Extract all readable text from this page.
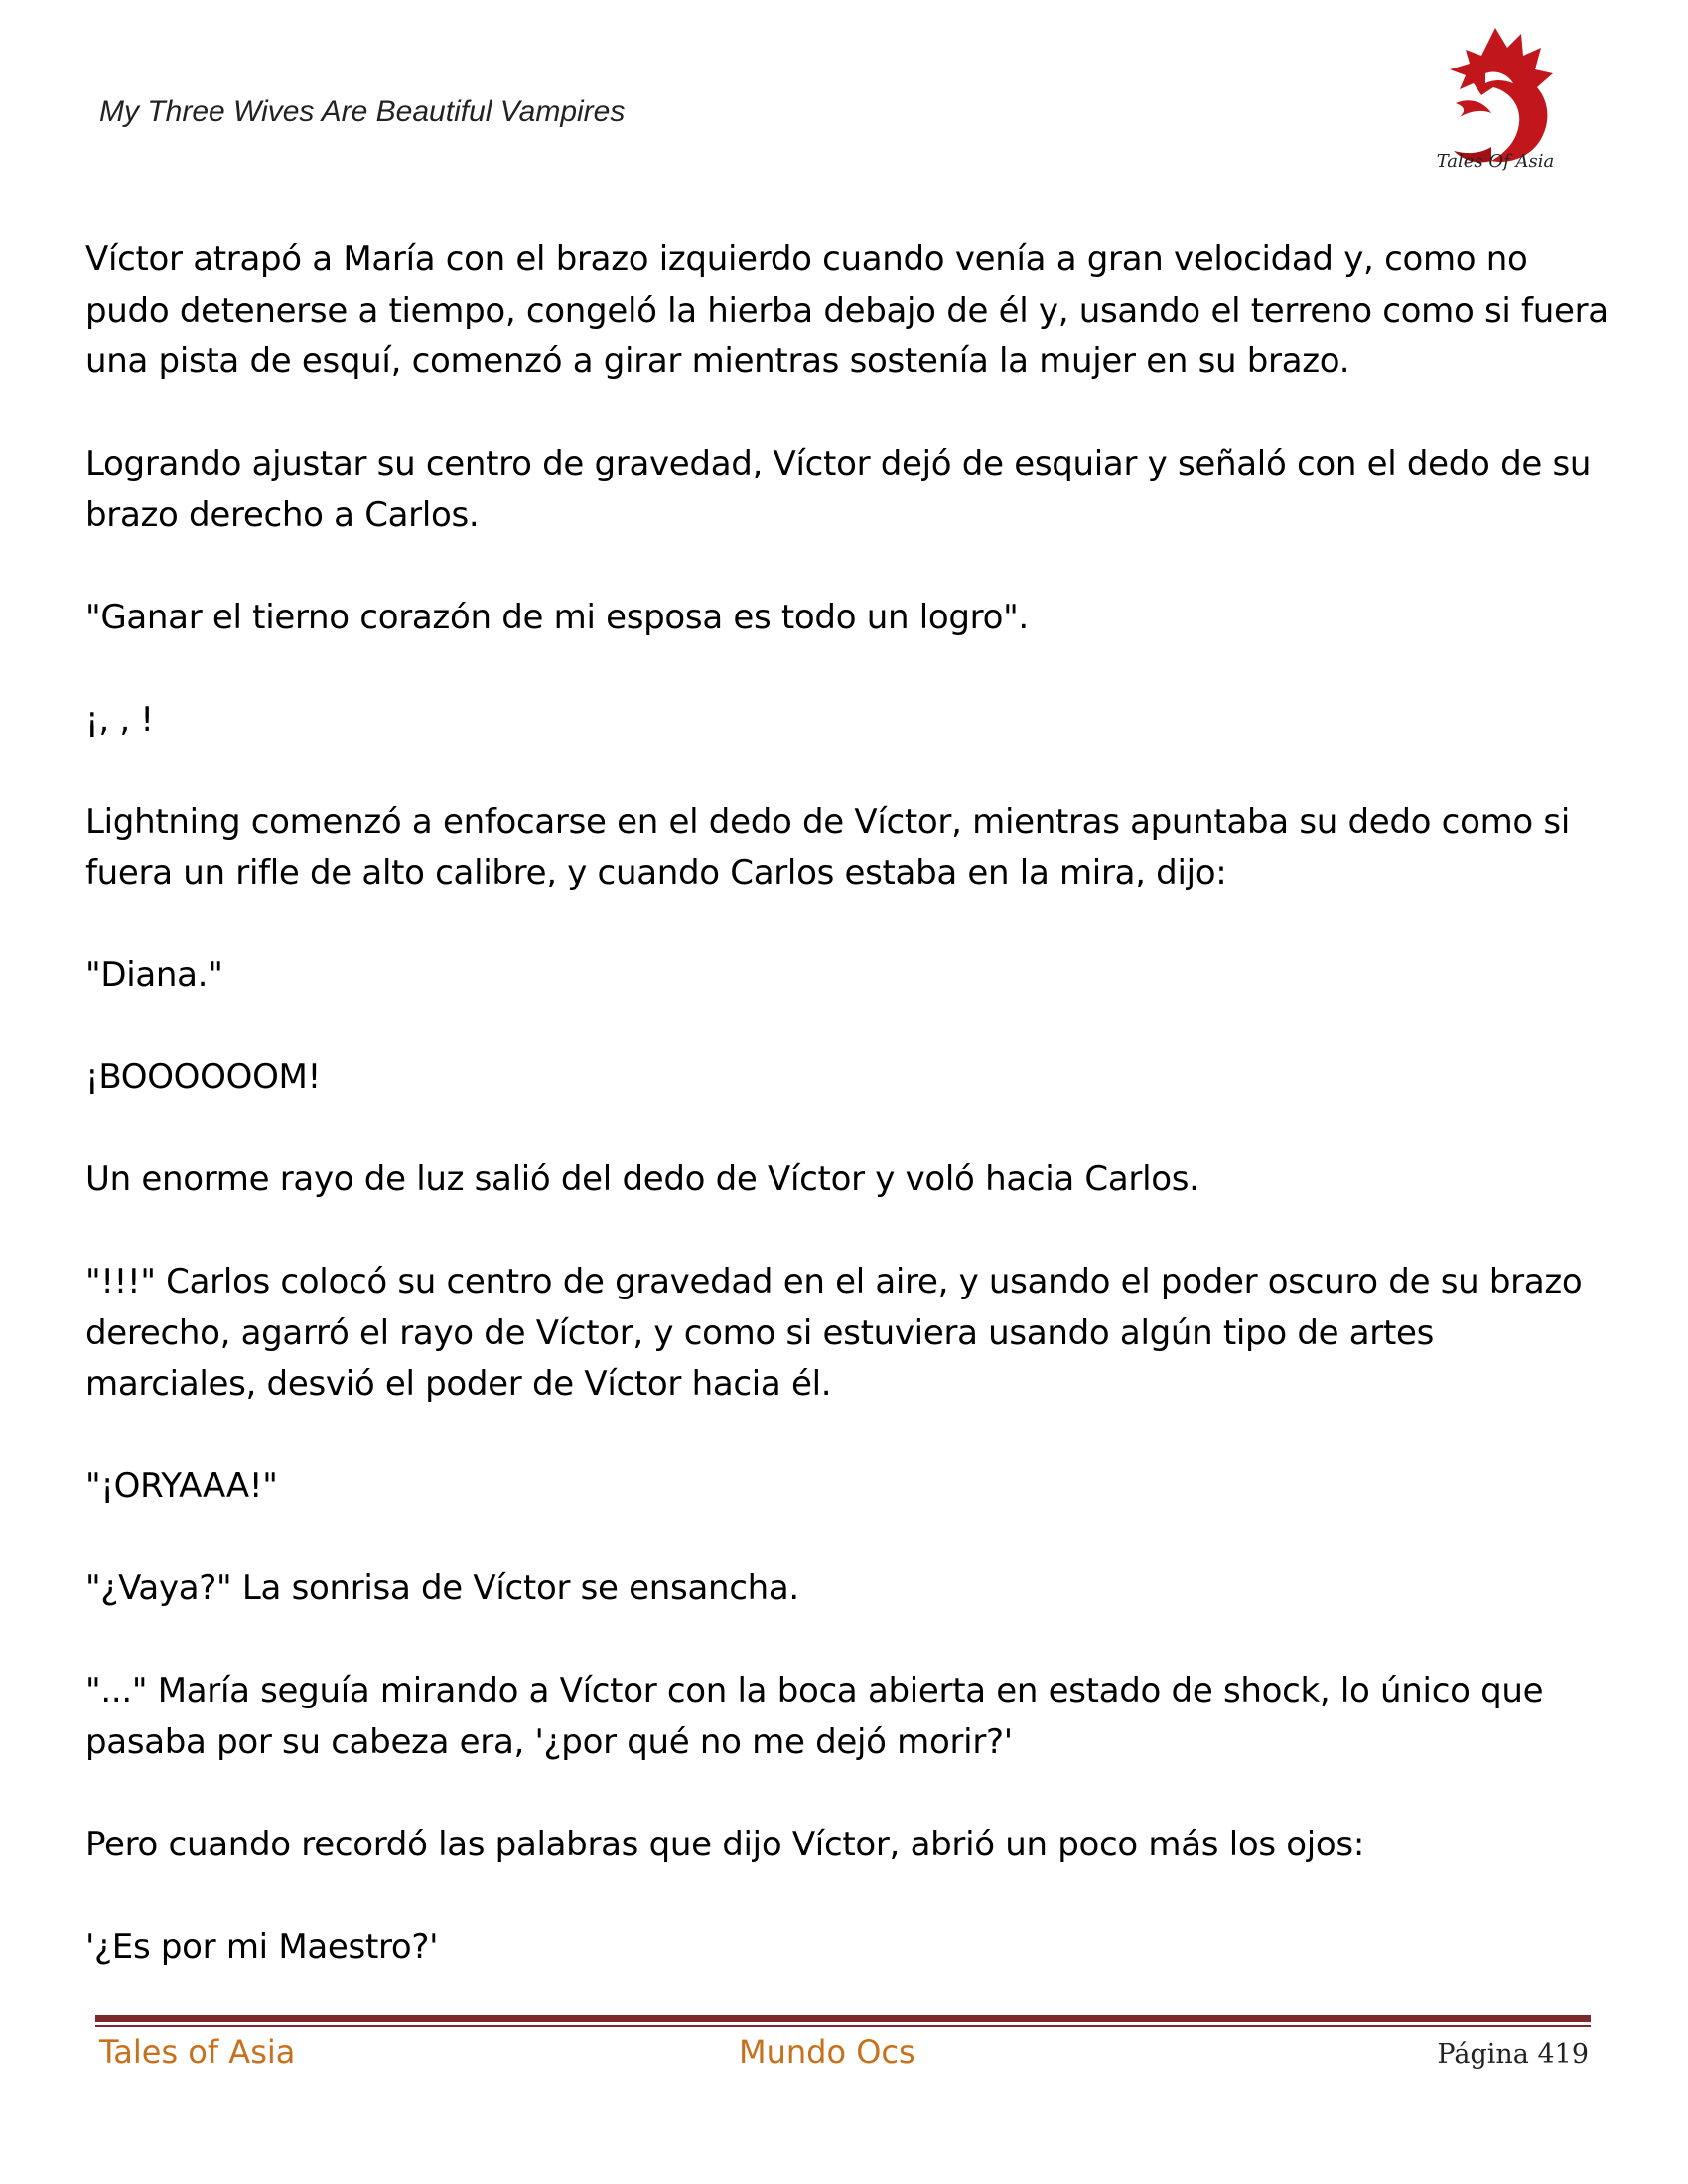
My Three Wives Are Beautiful Vampires
Tales Of Asia

Víctor atrapó a María con el brazo izquierdo cuando venía a gran velocidad y, como no pudo detenerse a tiempo, congeló la hierba debajo de él y, usando el terreno como si fuera una pista de esquí, comenzó a girar mientras sostenía la mujer en su brazo.

Logrando ajustar su centro de gravedad, Víctor dejó de esquiar y señaló con el dedo de su brazo derecho a Carlos.

"Ganar el tierno corazón de mi esposa es todo un logro".

¡, , !

Lightning comenzó a enfocarse en el dedo de Víctor, mientras apuntaba su dedo como si fuera un rifle de alto calibre, y cuando Carlos estaba en la mira, dijo:

"Diana."

¡BOOOOOOM!

Un enorme rayo de luz salió del dedo de Víctor y voló hacia Carlos.

"!!!" Carlos colocó su centro de gravedad en el aire, y usando el poder oscuro de su brazo derecho, agarró el rayo de Víctor, y como si estuviera usando algún tipo de artes marciales, desvió el poder de Víctor hacia él.

"¡ORYAAA!"

"¿Vaya?" La sonrisa de Víctor se ensancha.

"..." María seguía mirando a Víctor con la boca abierta en estado de shock, lo único que pasaba por su cabeza era, '¿por qué no me dejó morir?'

Pero cuando recordó las palabras que dijo Víctor, abrió un poco más los ojos:

'¿Es por mi Maestro?'

Tales of Asia	Mundo Ocs	Página 419
